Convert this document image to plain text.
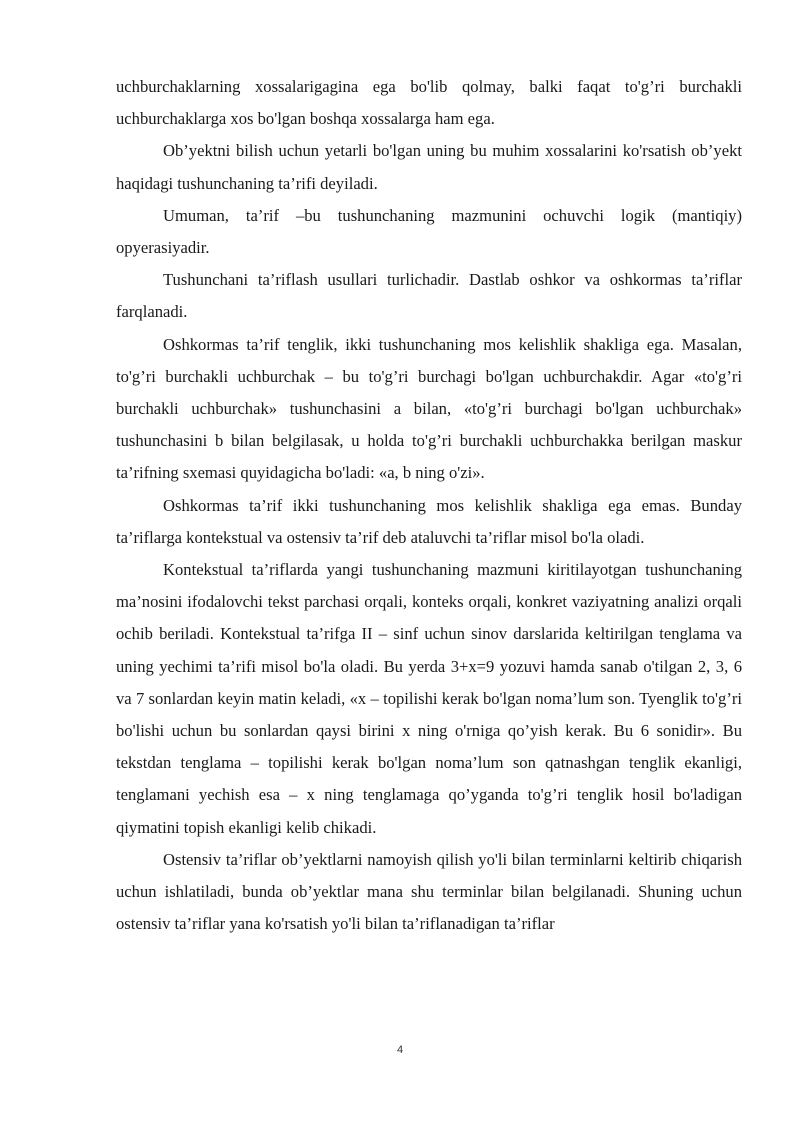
uchburchaklarning xossalarigagina ega bo'lib qolmay, balki faqat to'g’ri burchakli uchburchaklarga xos bo'lgan boshqa xossalarga ham ega.

Ob’yektni bilish uchun yetarli bo'lgan uning bu muhim xossalarini ko'rsatish ob’yekt haqidagi tushunchaning ta’rifi deyiladi.

Umuman, ta’rif –bu tushunchaning mazmunini ochuvchi logik (mantiqiy) opyerasiyadir.

Tushunchani ta’riflash usullari turlichadir. Dastlab oshkor va oshkormas ta’riflar farqlanadi.

Oshkormas ta’rif tenglik, ikki tushunchaning mos kelishlik shakliga ega. Masalan, to'g’ri burchakli uchburchak – bu to'g’ri burchagi bo'lgan uchburchakdir. Agar «to'g’ri burchakli uchburchak» tushunchasini a bilan, «to'g’ri burchagi bo'lgan uchburchak» tushunchasini b bilan belgilasak, u holda to'g’ri burchakli uchburchakka berilgan maskur ta’rifning sxemasi quyidagicha bo'ladi: «a, b ning o'zi».

Oshkormas ta’rif ikki tushunchaning mos kelishlik shakliga ega emas. Bunday ta’riflarga kontekstual va ostensiv ta’rif deb ataluvchi ta’riflar misol bo'la oladi.

Kontekstual ta’riflarda yangi tushunchaning mazmuni kiritilayotgan tushunchaning ma’nosini ifodalovchi tekst parchasi orqali, konteks orqali, konkret vaziyatning analizi orqali ochib beriladi. Kontekstual ta’rifga II – sinf uchun sinov darslarida keltirilgan tenglama va uning yechimi ta’rifi misol bo'la oladi. Bu yerda 3+x=9 yozuvi hamda sanab o'tilgan 2, 3, 6 va 7 sonlardan keyin matin keladi, «x – topilishi kerak bo'lgan noma’lum son. Tyenglik to'g’ri bo'lishi uchun bu sonlardan qaysi birini x ning o'rniga qo’yish kerak. Bu 6 sonidir». Bu tekstdan tenglama – topilishi kerak bo'lgan noma’lum son qatnashgan tenglik ekanligi, tenglamani yechish esa – x ning tenglamaga qo’yganda to'g’ri tenglik hosil bo'ladigan qiymatini topish ekanligi kelib chikadi.

Ostensiv ta’riflar ob’yektlarni namoyish qilish yo'li bilan terminlarni keltirib chiqarish uchun ishlatiladi, bunda ob’yektlar mana shu terminlar bilan belgilanadi. Shuning uchun ostensiv ta’riflar yana ko'rsatish yo'li bilan ta’riflanadigan ta’riflar

4
